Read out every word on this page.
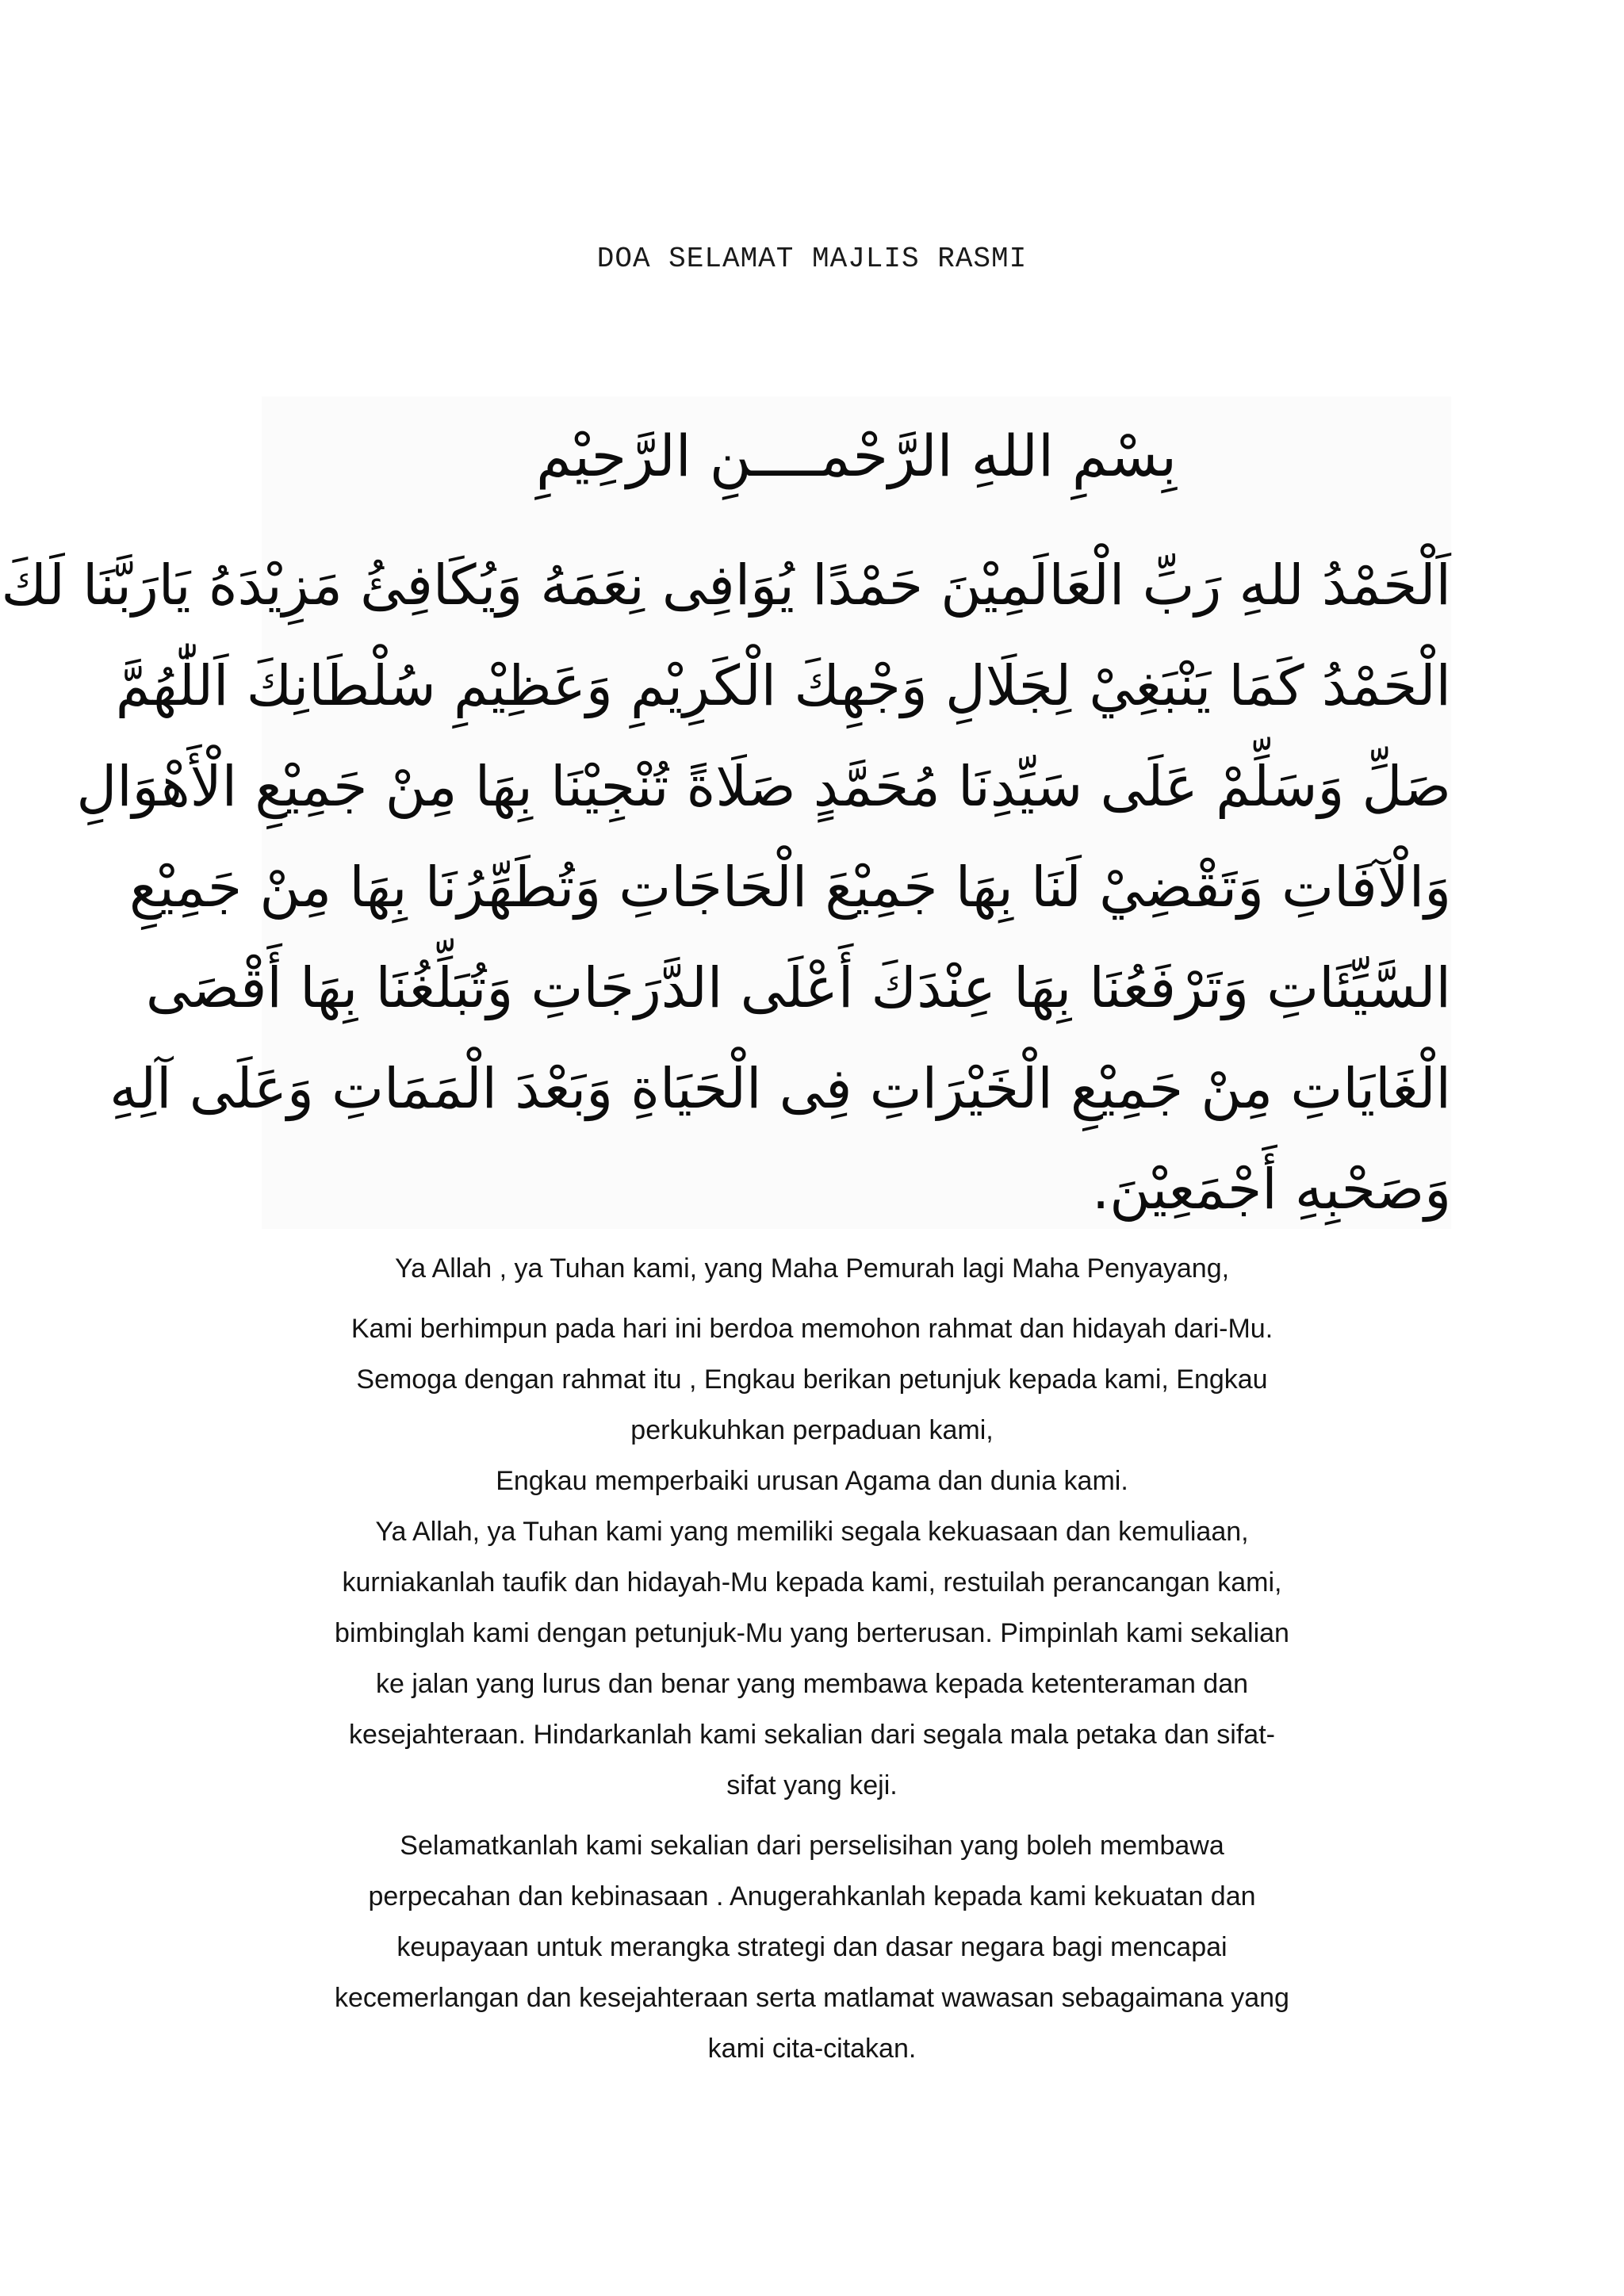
DOA SELAMAT MAJLIS RASMI
بِسْمِ اللهِ الرَّحْمــــنِ الرَّحِيْمِ
اَلْحَمْدُ للهِ رَبِّ الْعَالَمِيْنَ حَمْدًا يُوَافِى نِعَمَهُ وَيُكَافِئُ مَزِيْدَهُ يَارَبَّنَا لَكَ
الْحَمْدُ كَمَا يَنْبَغِيْ لِجَلَالِ وَجْهِكَ الْكَرِيْمِ وَعَظِيْمِ سُلْطَانِكَ اَللّٰهُمَّ
صَلِّ وَسَلِّمْ عَلَى سَيِّدِنَا مُحَمَّدٍ صَلَاةً تُنْجِيْنَا بِهَا مِنْ جَمِيْعِ الْأَهْوَالِ
وَالْآفَاتِ وَتَقْضِيْ لَنَا بِهَا جَمِيْعَ الْحَاجَاتِ وَتُطَهِّرُنَا بِهَا مِنْ جَمِيْعِ
السَّيِّئَاتِ وَتَرْفَعُنَا بِهَا عِنْدَكَ أَعْلَى الدَّرَجَاتِ وَتُبَلِّغُنَا بِهَا أَقْصَى
الْغَايَاتِ مِنْ جَمِيْعِ الْخَيْرَاتِ فِى الْحَيَاةِ وَبَعْدَ الْمَمَاتِ وَعَلَى آلِهِ
وَصَحْبِهِ أَجْمَعِيْنَ.
Ya Allah , ya Tuhan kami, yang Maha Pemurah lagi Maha Penyayang,
Kami berhimpun pada hari ini berdoa memohon rahmat dan hidayah dari-Mu.
Semoga dengan rahmat itu , Engkau berikan petunjuk kepada kami, Engkau
perkukuhkan perpaduan kami,
Engkau memperbaiki urusan Agama dan dunia kami.
Ya Allah, ya Tuhan kami yang memiliki segala kekuasaan dan kemuliaan,
kurniakanlah taufik dan hidayah-Mu kepada kami, restuilah perancangan kami,
bimbinglah kami dengan petunjuk-Mu yang berterusan. Pimpinlah kami sekalian
ke jalan yang lurus dan benar yang membawa kepada ketenteraman dan
kesejahteraan. Hindarkanlah kami sekalian dari segala mala petaka dan sifat-
sifat yang keji.
Selamatkanlah kami sekalian dari perselisihan yang boleh membawa
perpecahan dan kebinasaan . Anugerahkanlah kepada kami kekuatan dan
keupayaan untuk merangka strategi dan dasar negara bagi mencapai
kecemerlangan dan kesejahteraan serta matlamat wawasan sebagaimana yang
kami cita-citakan.
